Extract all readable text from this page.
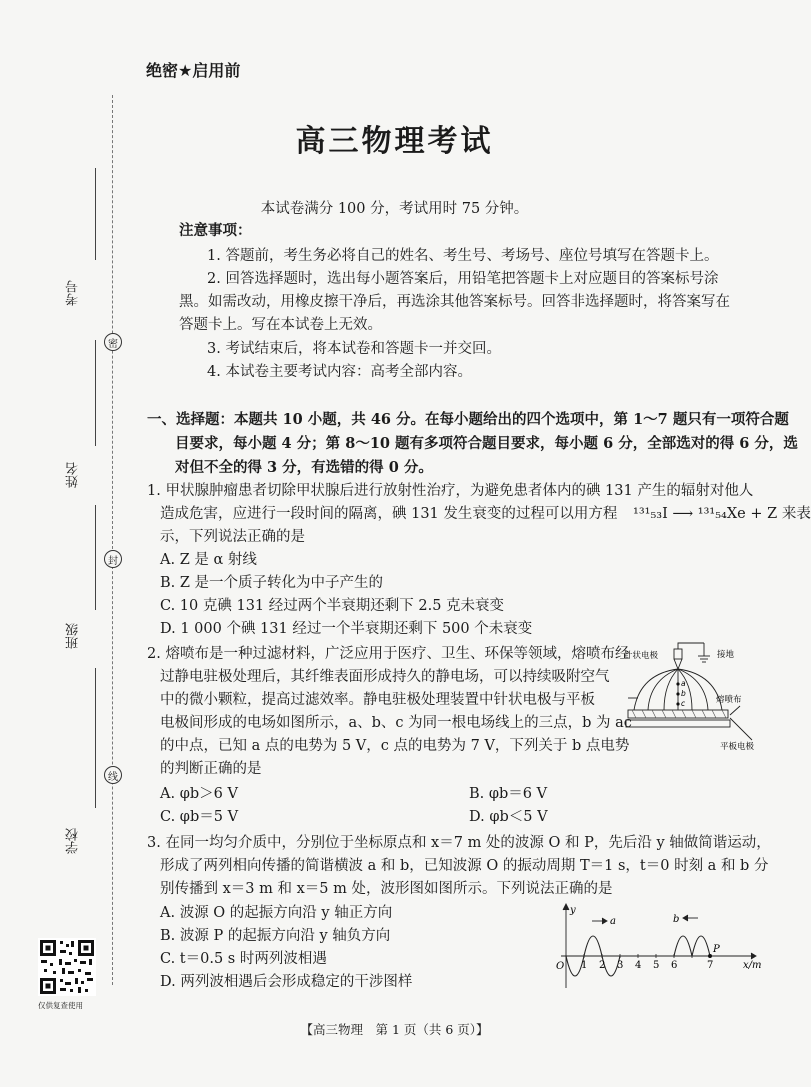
密
封
线
考号
姓名
班级
学校
仅供复查使用
绝密★启用前
高三物理考试
本试卷满分 100 分，考试用时 75 分钟。
注意事项：
1. 答题前，考生务必将自己的姓名、考生号、考场号、座位号填写在答题卡上。
2. 回答选择题时，选出每小题答案后，用铅笔把答题卡上对应题目的答案标号涂
黑。如需改动，用橡皮擦干净后，再选涂其他答案标号。回答非选择题时，将答案写在
答题卡上。写在本试卷上无效。
3. 考试结束后，将本试卷和答题卡一并交回。
4. 本试卷主要考试内容：高考全部内容。
一、选择题：本题共 10 小题，共 46 分。在每小题给出的四个选项中，第 1～7 题只有一项符合题
目要求，每小题 4 分；第 8～10 题有多项符合题目要求，每小题 6 分，全部选对的得 6 分，选
对但不全的得 3 分，有选错的得 0 分。
1. 甲状腺肿瘤患者切除甲状腺后进行放射性治疗，为避免患者体内的碘 131 产生的辐射对他人
造成危害，应进行一段时间的隔离，碘 131 发生衰变的过程可以用方程 ¹³¹₅₃I ⟶ ¹³¹₅₄Xe + Z 来表
示，下列说法正确的是
A. Z 是 α 射线
B. Z 是一个质子转化为中子产生的
C. 10 克碘 131 经过两个半衰期还剩下 2.5 克未衰变
D. 1 000 个碘 131 经过一个半衰期还剩下 500 个未衰变
2. 熔喷布是一种过滤材料，广泛应用于医疗、卫生、环保等领域，熔喷布经
过静电驻极处理后，其纤维表面形成持久的静电场，可以持续吸附空气
中的微小颗粒，提高过滤效率。静电驻极处理装置中针状电极与平板
电极间形成的电场如图所示，a、b、c 为同一根电场线上的三点，b 为 ac
的中点，已知 a 点的电势为 5 V，c 点的电势为 7 V，下列关于 b 点电势
的判断正确的是
A. φb＞6 V	B. φb＝6 V
C. φb＝5 V	D. φb＜5 V
针状电极	接地
熔喷布
平板电极
a
b
c
3. 在同一均匀介质中，分别位于坐标原点和 x＝7 m 处的波源 O 和 P，先后沿 y 轴做简谐运动，
形成了两列相向传播的简谐横波 a 和 b，已知波源 O 的振动周期 T＝1 s，t＝0 时刻 a 和 b 分
别传播到 x＝3 m 和 x＝5 m 处，波形图如图所示。下列说法正确的是
A. 波源 O 的起振方向沿 y 轴正方向
B. 波源 P 的起振方向沿 y 轴负方向
C. t＝0.5 s 时两列波相遇
D. 两列波相遇后会形成稳定的干涉图样
y
O 1 2 3 4 5 6	7	x/m
a	b
P
【高三物理　第 1 页（共 6 页）】
